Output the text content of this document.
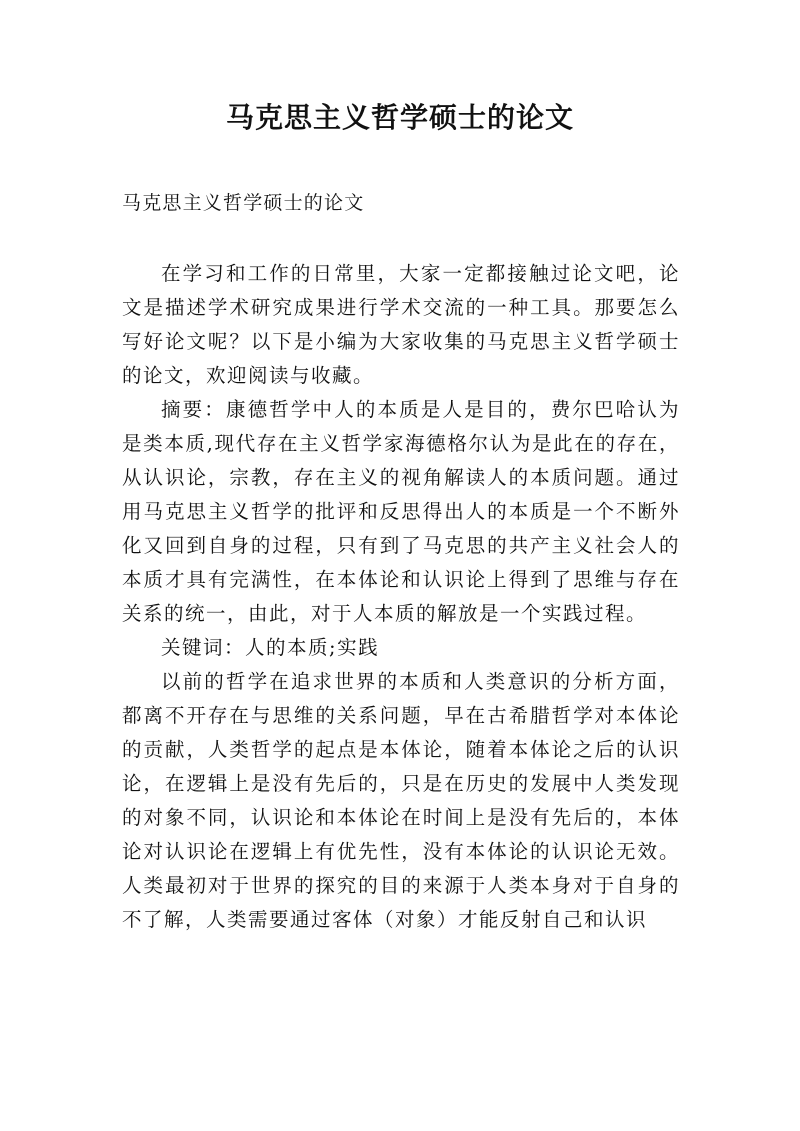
马克思主义哲学硕士的论文
马克思主义哲学硕士的论文

在学习和工作的日常里，大家一定都接触过论文吧，论文是描述学术研究成果进行学术交流的一种工具。那要怎么写好论文呢？以下是小编为大家收集的马克思主义哲学硕士的论文，欢迎阅读与收藏。

摘要：康德哲学中人的本质是人是目的，费尔巴哈认为是类本质,现代存在主义哲学家海德格尔认为是此在的存在，从认识论，宗教，存在主义的视角解读人的本质问题。通过用马克思主义哲学的批评和反思得出人的本质是一个不断外化又回到自身的过程，只有到了马克思的共产主义社会人的本质才具有完满性，在本体论和认识论上得到了思维与存在关系的统一，由此，对于人本质的解放是一个实践过程。

关键词：人的本质;实践

以前的哲学在追求世界的本质和人类意识的分析方面，都离不开存在与思维的关系问题，早在古希腊哲学对本体论的贡献，人类哲学的起点是本体论，随着本体论之后的认识论，在逻辑上是没有先后的，只是在历史的发展中人类发现的对象不同，认识论和本体论在时间上是没有先后的，本体论对认识论在逻辑上有优先性，没有本体论的认识论无效。人类最初对于世界的探究的目的来源于人类本身对于自身的不了解，人类需要通过客体（对象）才能反射自己和认识
